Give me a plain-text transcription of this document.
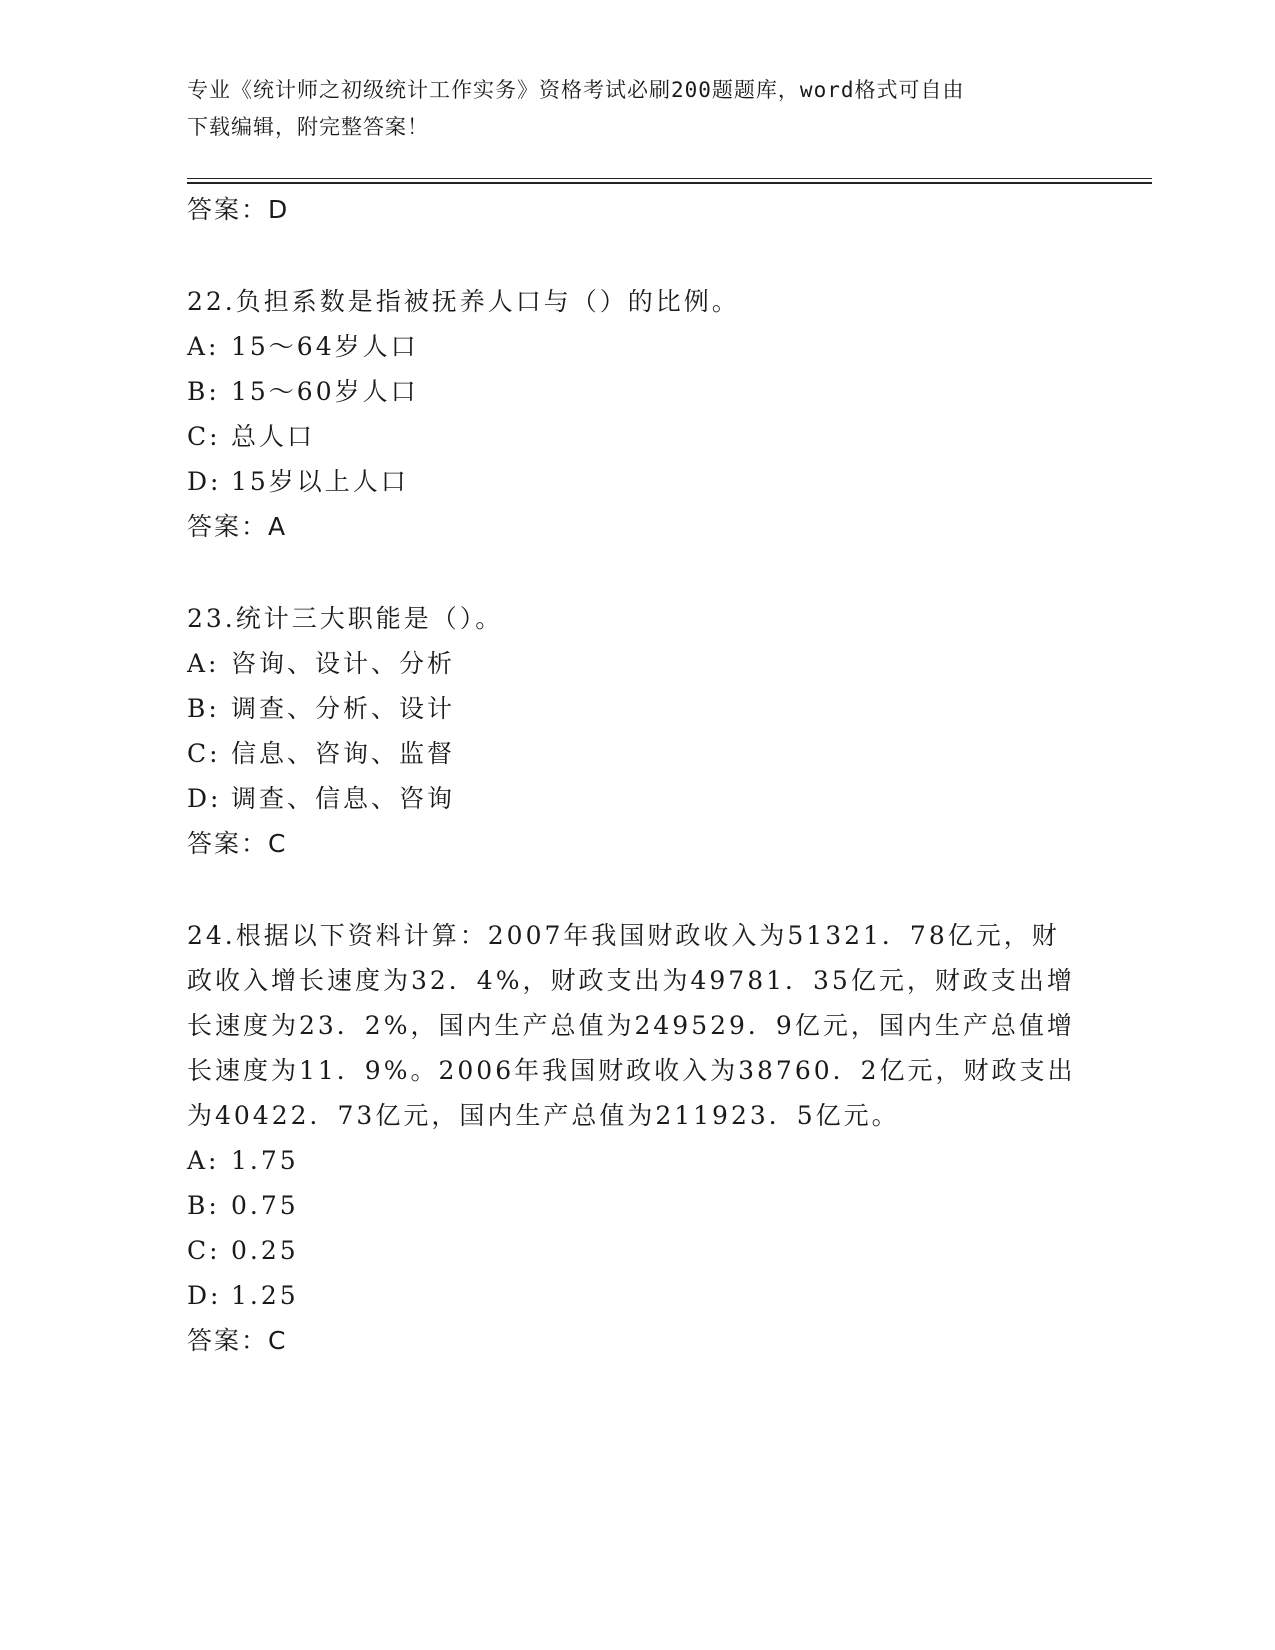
专业《统计师之初级统计工作实务》资格考试必刷200题题库，word格式可自由
下载编辑，附完整答案！
答案：D
22.负担系数是指被抚养人口与（）的比例。
A: 15～64岁人口
B: 15～60岁人口
C: 总人口
D: 15岁以上人口
答案：A
23.统计三大职能是（）。
A: 咨询、设计、分析
B: 调查、分析、设计
C: 信息、咨询、监督
D: 调查、信息、咨询
答案：C
24.根据以下资料计算：2007年我国财政收入为51321．78亿元，财政收入增长速度为32．4%，财政支出为49781．35亿元，财政支出增长速度为23．2%，国内生产总值为249529．9亿元，国内生产总值增长速度为11．9%。2006年我国财政收入为38760．2亿元，财政支出为40422．73亿元，国内生产总值为211923．5亿元。
A: 1.75
B: 0.75
C: 0.25
D: 1.25
答案：C
